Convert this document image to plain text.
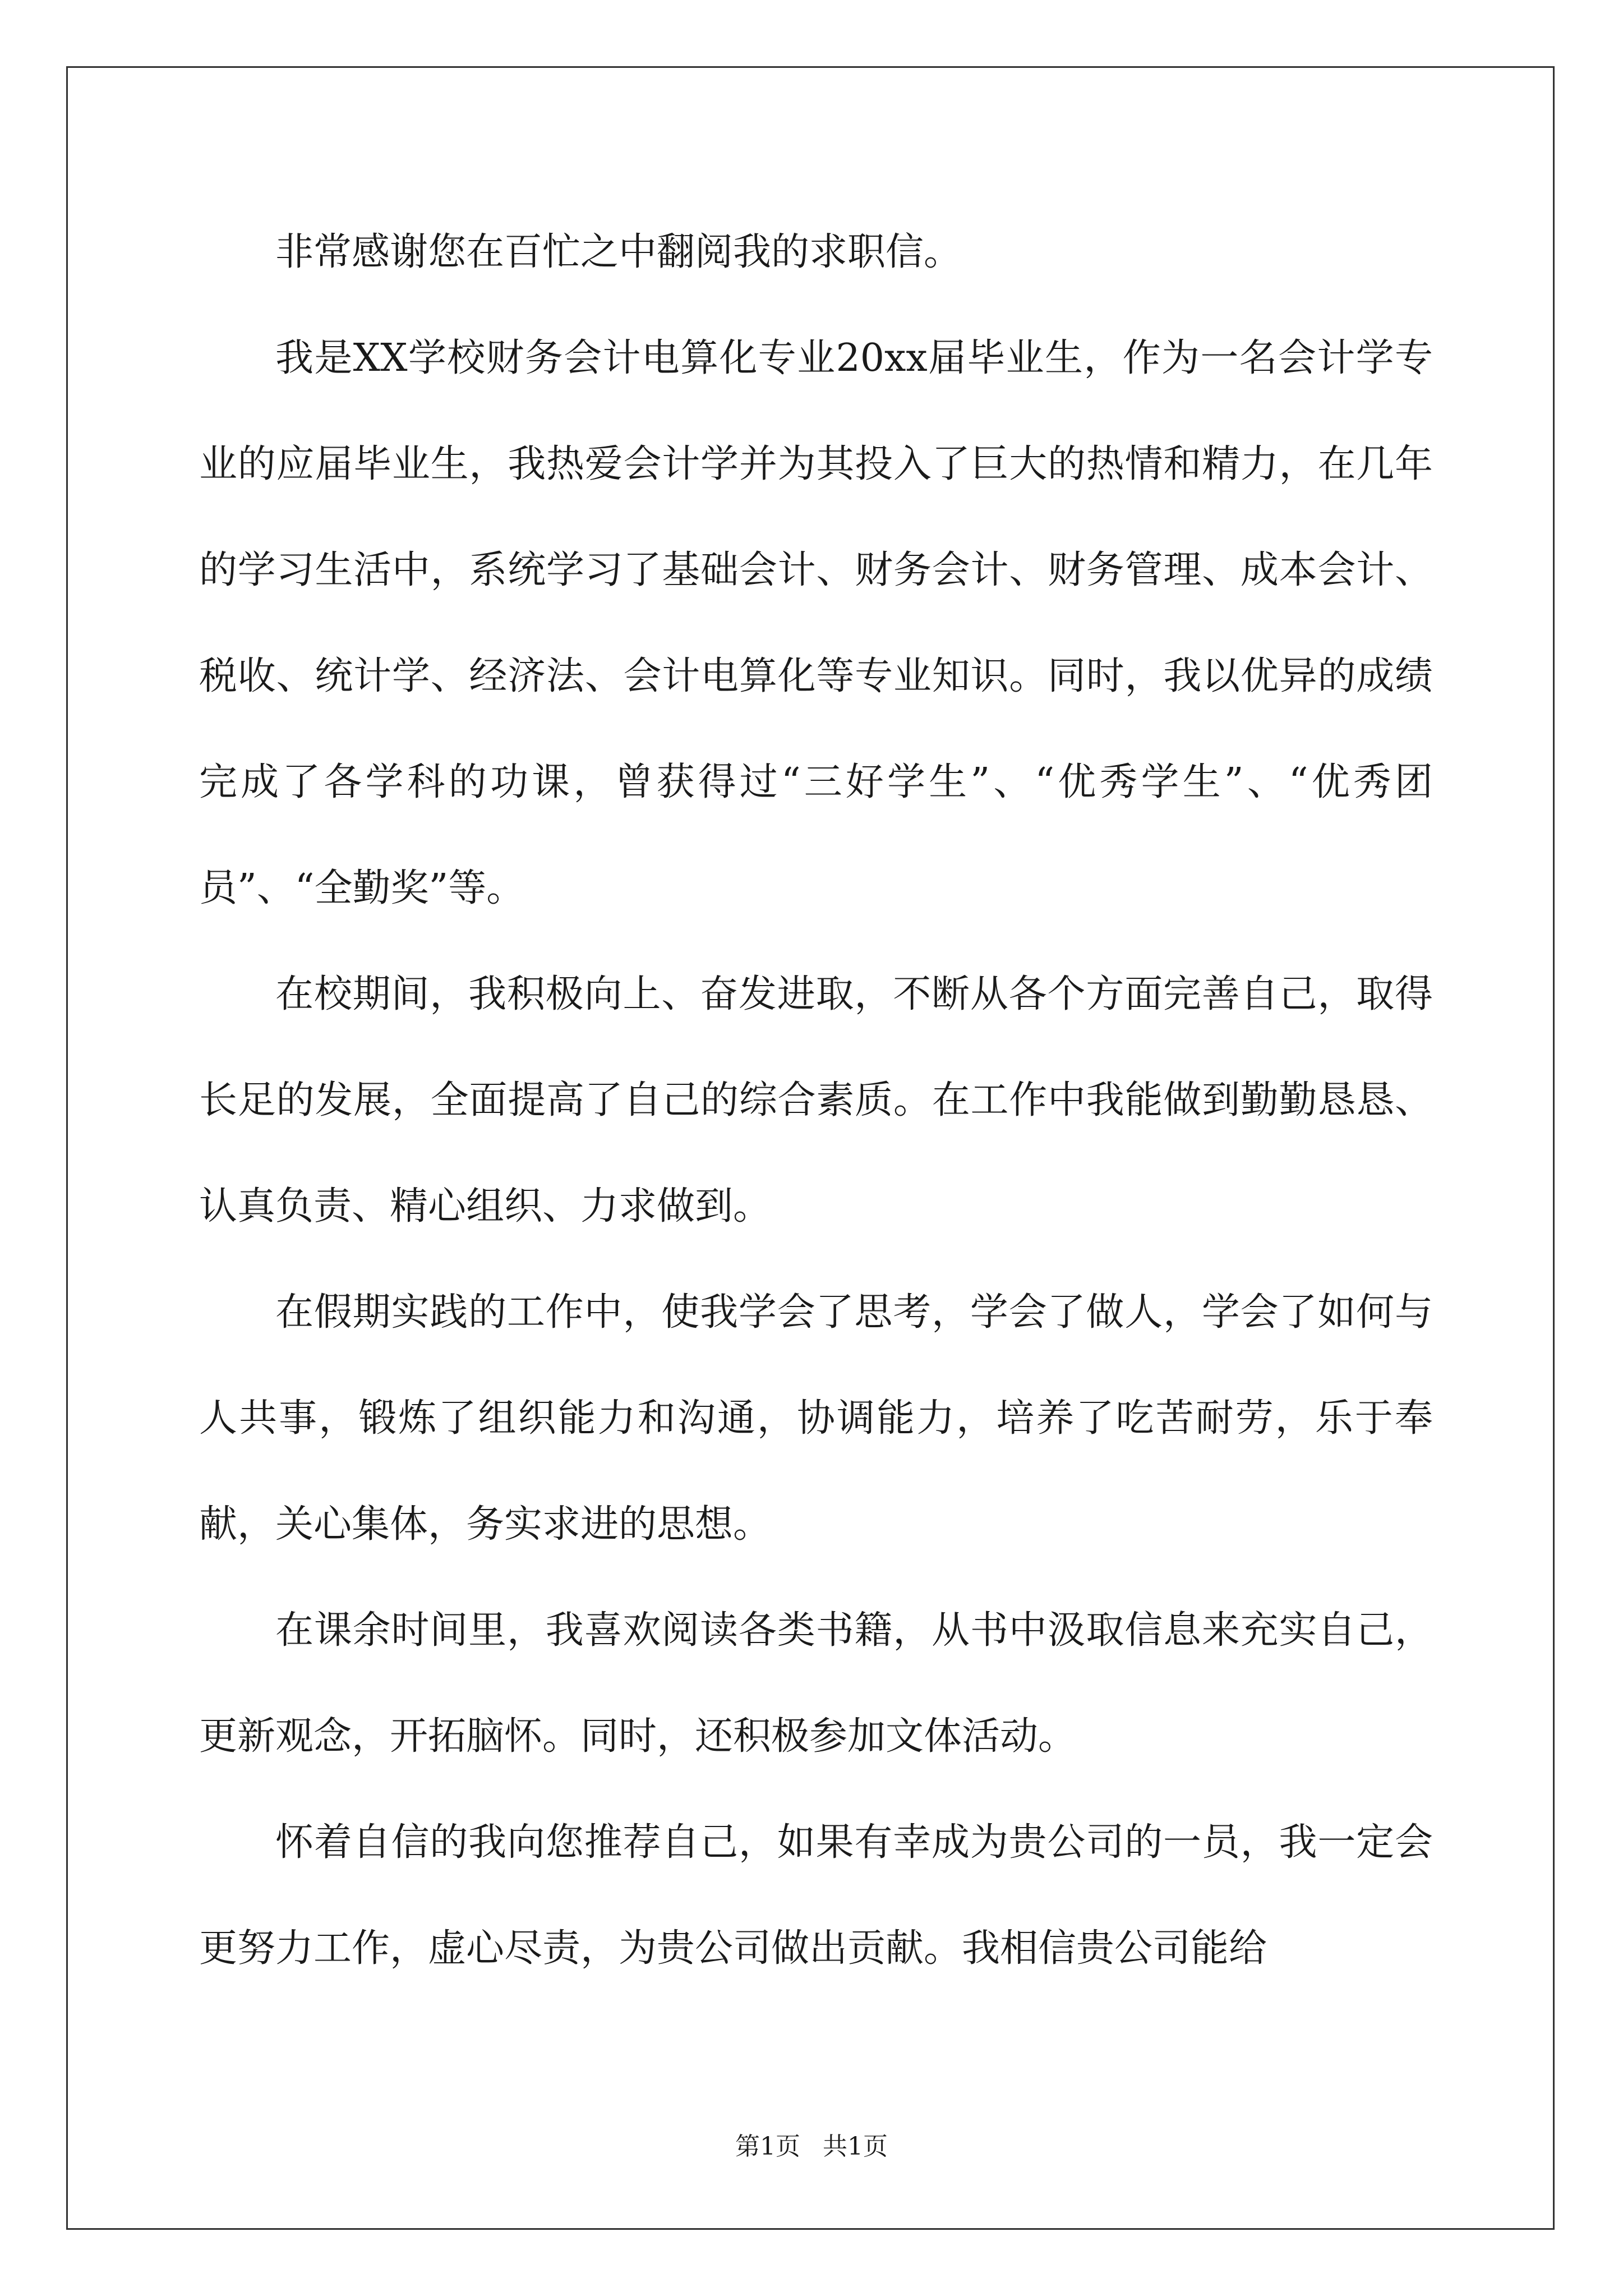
非常感谢您在百忙之中翻阅我的求职信。

我是XX学校财务会计电算化专业20xx届毕业生，作为一名会计学专业的应届毕业生，我热爱会计学并为其投入了巨大的热情和精力，在几年的学习生活中，系统学习了基础会计、财务会计、财务管理、成本会计、税收、统计学、经济法、会计电算化等专业知识。同时，我以优异的成绩完成了各学科的功课，曾获得过“三好学生”、“优秀学生”、“优秀团员”、“全勤奖”等。

在校期间，我积极向上、奋发进取，不断从各个方面完善自己，取得长足的发展，全面提高了自己的综合素质。在工作中我能做到勤勤恳恳、认真负责、精心组织、力求做到。

在假期实践的工作中，使我学会了思考，学会了做人，学会了如何与人共事，锻炼了组织能力和沟通，协调能力，培养了吃苦耐劳，乐于奉献，关心集体，务实求进的思想。

在课余时间里，我喜欢阅读各类书籍，从书中汲取信息来充实自己，更新观念，开拓脑怀。同时，还积极参加文体活动。

怀着自信的我向您推荐自己，如果有幸成为贵公司的一员，我一定会更努力工作，虚心尽责，为贵公司做出贡献。我相信贵公司能给

第1页 共1页
